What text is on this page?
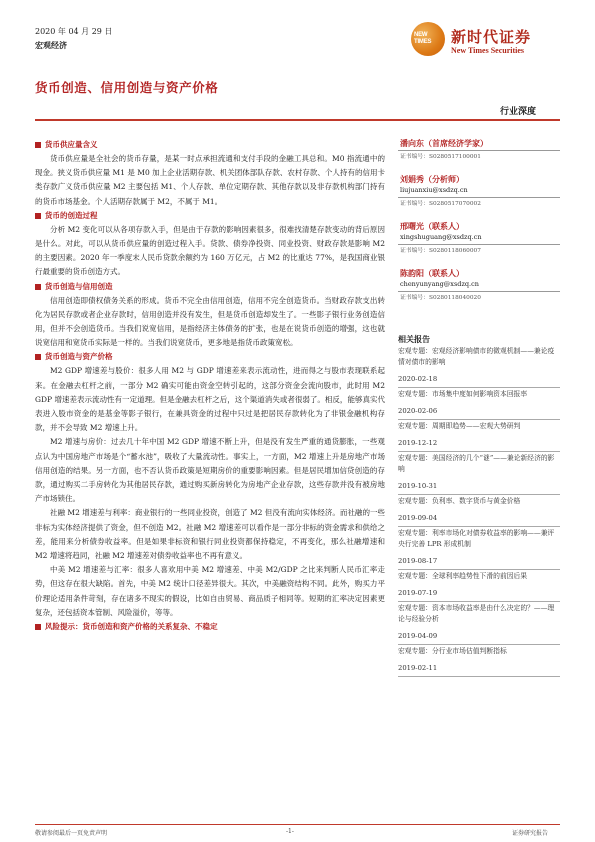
2020 年 04 月 29 日
宏观经济
NEW TIMES	新时代证券
New Times Securities
货币创造、信用创造与资产价格
行业深度
货币供应量含义

货币供应量是全社会的货币存量，是某一时点承担流通和支付手段的金融工具总和。M0 指流通中的现金。狭义货币供应量 M1 是 M0 加上企业活期存款、机关团体部队存款、农村存款、个人持有的信用卡类存款广义货币供应量 M2 主要包括 M1、个人存款、单位定期存款、其他存款以及非存款机构部门持有的货币市场基金。个人活期存款属于 M2，不属于 M1。

货币的创造过程

分析 M2 变化可以从各项存款入手，但是由于存款的影响因素很多，很难找清楚存款变动的背后原因是什么。对此，可以从货币供应量的创造过程入手。贷款、债券净投资、同业投资、财政存款是影响 M2 的主要因素。2020 年一季度末人民币贷款余额约为 160 万亿元，占 M2 的比重达 77%，是我国商业银行最重要的货币创造方式。

货币创造与信用创造

信用创造即债权债务关系的形成。货币不完全由信用创造，信用不完全创造货币。当财政存款支出转化为居民存款或者企业存款时，信用创造并没有发生，但是货币创造却发生了。一些影子银行业务创造信用，但并不会创造货币。当我们说宽信用，是指经济主体债务的扩张，也是在说货币创造的增强，这也就说宽信用和宽货币实际是一样的。当我们说宽货币，更多地是指货币政策宽松。

货币创造与资产价格

M2 GDP 增速差与股价：很多人用 M2 与 GDP 增速差来表示流动性，进而得之与股市表现联系起来。在金融去杠杆之前，一部分 M2 确实可能由资金空转引起的，这部分资金会流向股市，此时用 M2 GDP 增速差表示流动性有一定道理。但是金融去杠杆之后，这个渠道消失或者很弱了。相反，能够真实代表进入股市资金的是基金等影子银行，在兼具资金的过程中只过是把居民存款转化为了非银金融机构存款，并不会导致 M2 增速上升。

M2 增速与房价：过去几十年中国 M2 GDP 增速不断上升，但是没有发生严重的通货膨胀，一些观点认为中国房地产市场是个“蓄水池”，吸收了大量流动性。事实上，一方面，M2 增速上升是房地产市场信用创造的结果。另一方面，也不否认货币政策是短期房价的重要影响因素。但是居民增加信贷创造的存款，通过购买二手房转化为其他居民存款，通过购买新房转化为房地产企业存款，这些存款并没有被房地产市场锁住。

社融 M2 增速差与利率：商业银行的一些同业投资，创造了 M2 但没有流向实体经济。而社融的一些非标为实体经济提供了资金，但不创造 M2。社融 M2 增速差可以看作是一部分非标的资金需求和供给之差，能用来分析债券收益率。但是如果非标资和银行同业投资都保持稳定，不再变化，那么社融增速和 M2 增速将趋同，社融 M2 增速差对债券收益率也不再有意义。

中美 M2 增速差与汇率：很多人喜欢用中美 M2 增速差、中美 M2/GDP 之比来判断人民币汇率走势，但这存在很大缺陷。首先，中美 M2 统计口径差异很大。其次，中美融资结构不同。此外，购买力平价理论适用条件苛刻，存在诸多不现实的假设，比如自由贸易、商品质子相同等。短期的汇率决定因素更复杂，还包括资本管制、风险溢价，等等。

风险提示：货币创造和资产价格的关系复杂、不稳定
潘向东（首席经济学家）
证书编号：S0280517100001
刘娟秀（分析师）
liujuanxiu@xsdzq.cn
证书编号：S0280517070002
邢曙光（联系人）
xingshuguang@xsdzq.cn
证书编号：S0280118060007
陈韵阳（联系人）
chenyunyang@xsdzq.cn
证书编号：S0280118040020
相关报告
宏观专题：宏观经济影响债市的微观机制——兼论疫情对债市的影响
2020-02-18
宏观专题：市场集中度如何影响资本回报率
2020-02-06
宏观专题：周期即趋势——宏观大势研判
2019-12-12
宏观专题：美国经济的几个“谜”——兼论新经济的影响
2019-10-31
宏观专题：负利率、数字货币与黄金价格
2019-09-04
宏观专题：利率市场化对债券收益率的影响——兼评央行完善 LPR 形成机制
2019-08-17
宏观专题：全球利率趋势性下滑的前因后果
2019-07-19
宏观专题：资本市场收益率是由什么决定的？——理论与经验分析
2019-04-09
宏观专题：分行业市场估值判断指标
2019-02-11
敬请参阅最后一页免责声明	-1-	证券研究报告
